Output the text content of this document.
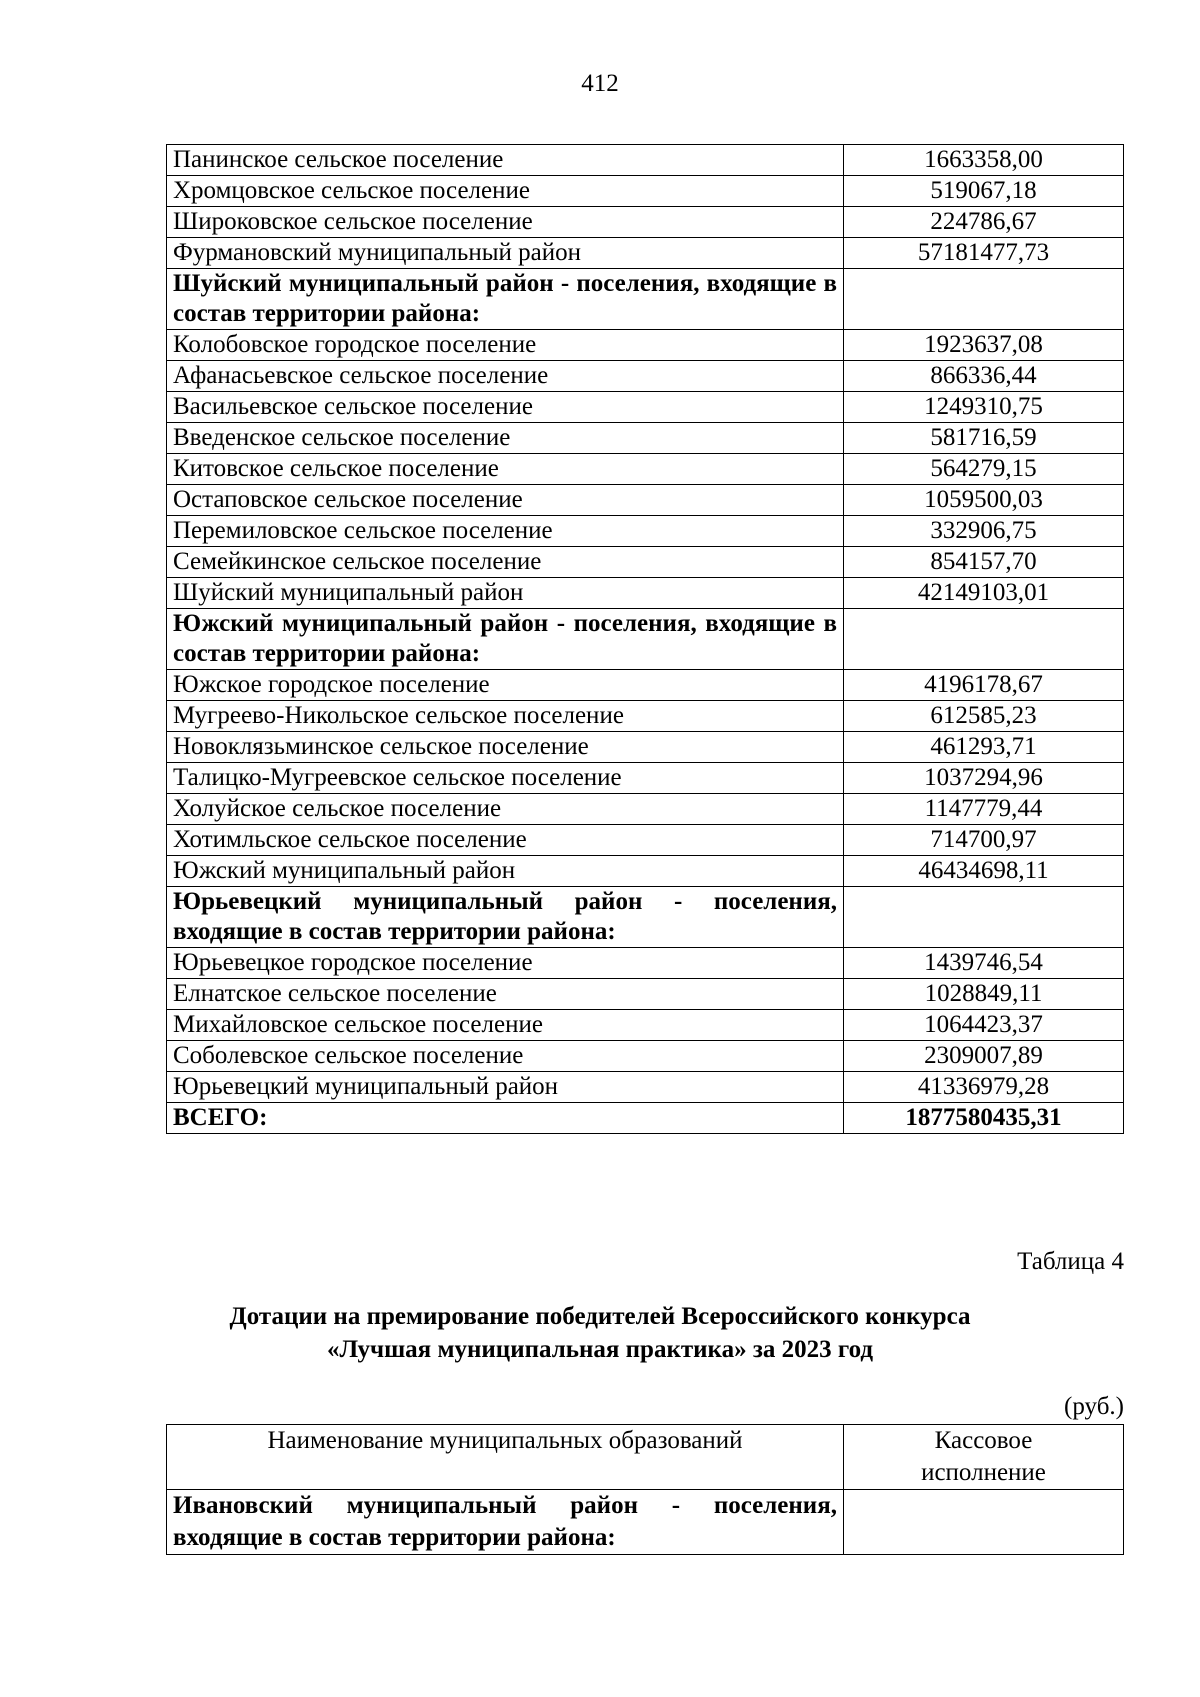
412
Панинское сельское поселение	1663358,00
Хромцовское сельское поселение	519067,18
Широковское сельское поселение	224786,67
Фурмановский муниципальный район	57181477,73
Шуйский муниципальный район - поселения, входящие в состав территории района:	
Колобовское городское поселение	1923637,08
Афанасьевское сельское поселение	866336,44
Васильевское сельское поселение	1249310,75
Введенское сельское поселение	581716,59
Китовское сельское поселение	564279,15
Остаповское сельское поселение	1059500,03
Перемиловское сельское поселение	332906,75
Семейкинское сельское поселение	854157,70
Шуйский муниципальный район	42149103,01
Южский муниципальный район - поселения, входящие в состав территории района:	
Южское городское поселение	4196178,67
Мугреево-Никольское сельское поселение	612585,23
Новоклязьминское сельское поселение	461293,71
Талицко-Мугреевское сельское поселение	1037294,96
Холуйское сельское поселение	1147779,44
Хотимльское сельское поселение	714700,97
Южский муниципальный район	46434698,11
Юрьевецкий муниципальный район - поселения, входящие в состав территории района:	
Юрьевецкое городское поселение	1439746,54
Елнатское сельское поселение	1028849,11
Михайловское сельское поселение	1064423,37
Соболевское сельское поселение	2309007,89
Юрьевецкий муниципальный район	41336979,28
ВСЕГО:	1877580435,31
Таблица 4
Дотации на премирование победителей Всероссийского конкурса
«Лучшая муниципальная практика» за 2023 год
(руб.)
Наименование муниципальных образований	Кассовое
исполнение

Ивановский муниципальный район - поселения, входящие в состав территории района:	
